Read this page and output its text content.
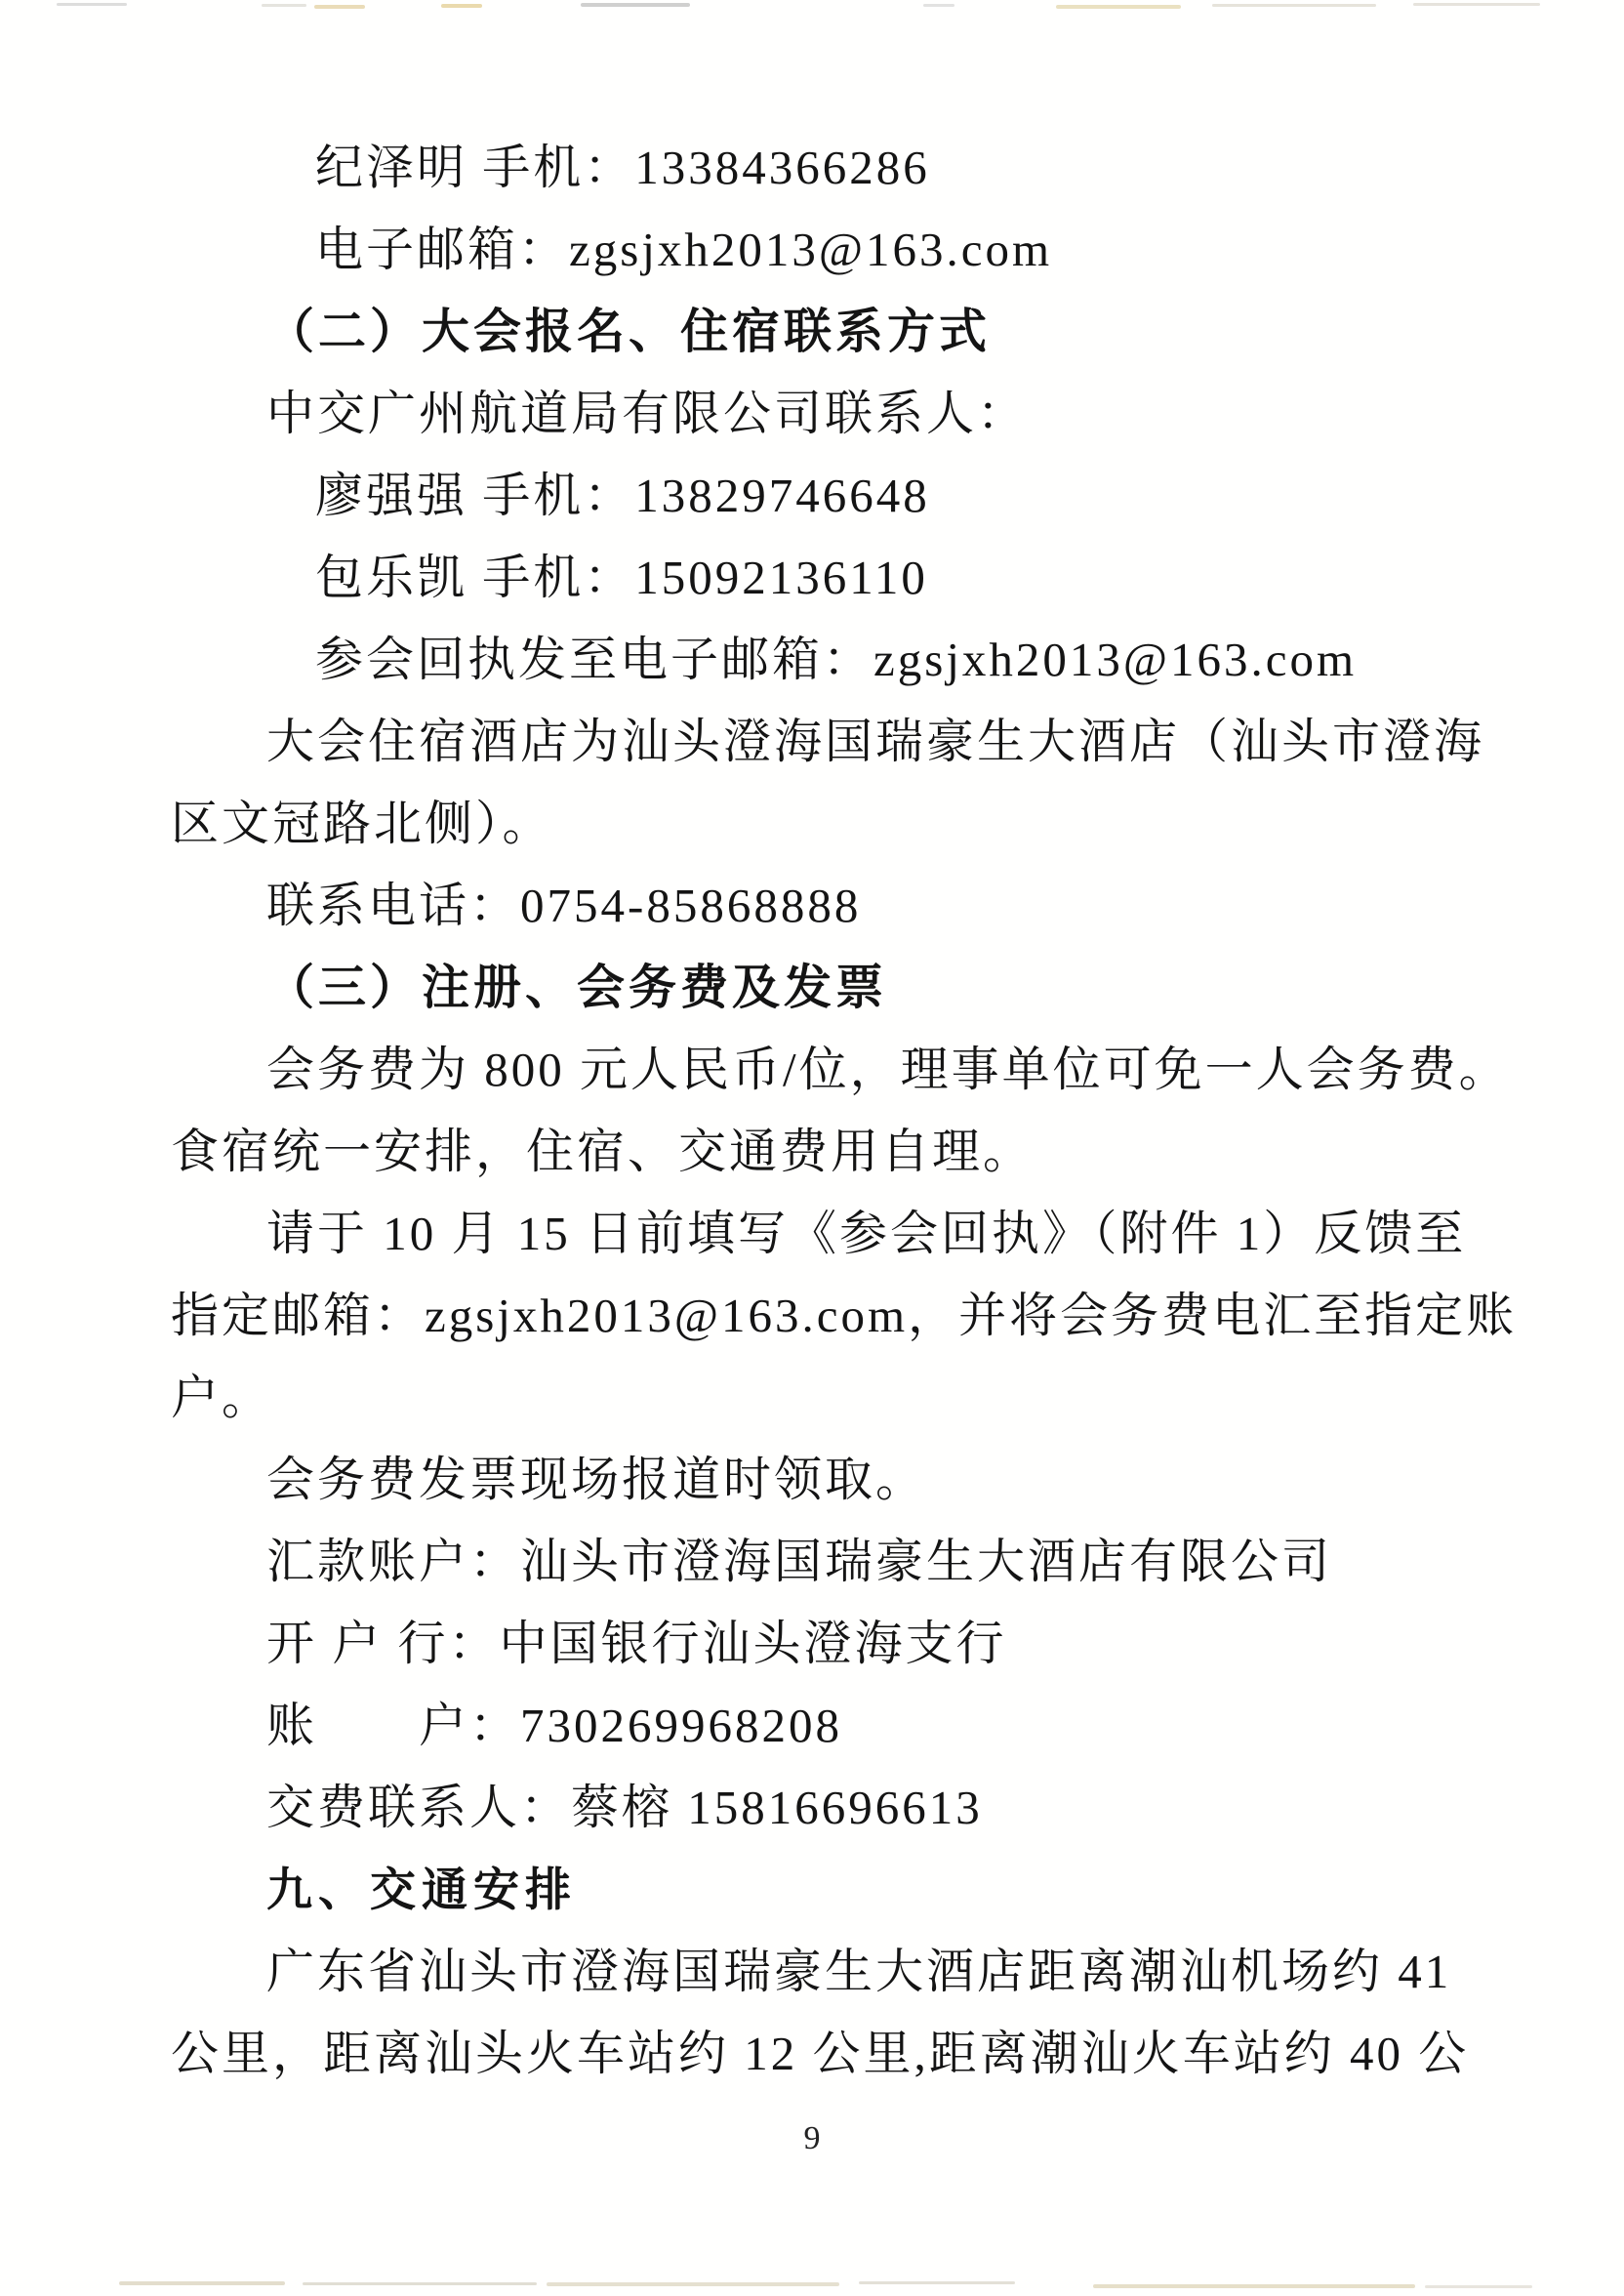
纪泽明 手机：13384366286

电子邮箱：zgsjxh2013@163.com

（二）大会报名、住宿联系方式

中交广州航道局有限公司联系人：

廖强强 手机：13829746648

包乐凯 手机：15092136110

参会回执发至电子邮箱：zgsjxh2013@163.com

大会住宿酒店为汕头澄海国瑞豪生大酒店（汕头市澄海

区文冠路北侧）。

联系电话：0754-85868888

（三）注册、会务费及发票

会务费为 800 元人民币/位，理事单位可免一人会务费。

食宿统一安排，住宿、交通费用自理。

请于 10 月 15 日前填写《参会回执》（附件 1）反馈至

指定邮箱：zgsjxh2013@163.com，并将会务费电汇至指定账

户。

会务费发票现场报道时领取。

汇款账户：汕头市澄海国瑞豪生大酒店有限公司

开 户 行：中国银行汕头澄海支行

账　　户：730269968208

交费联系人：蔡榕 15816696613

九、交通安排

广东省汕头市澄海国瑞豪生大酒店距离潮汕机场约 41

公里，距离汕头火车站约 12 公里,距离潮汕火车站约 40 公

9
